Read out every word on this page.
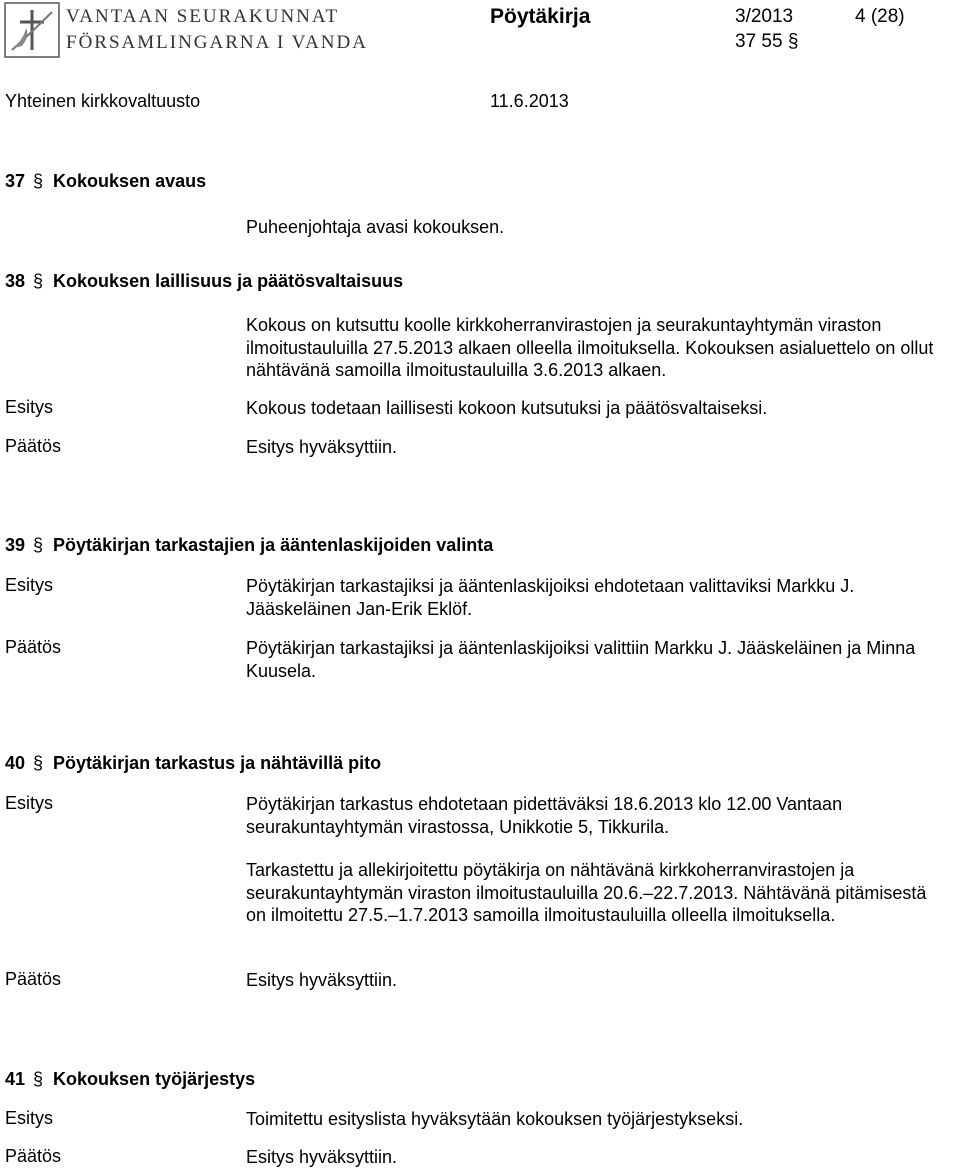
VANTAAN SEURAKUNNAT
FÖRSAMLINGARNA I VANDA
Pöytäkirja	3/2013	4 (28)
37 55 §
Yhteinen kirkkovaltuusto	11.6.2013
37 § Kokouksen avaus
Puheenjohtaja avasi kokouksen.
38 § Kokouksen laillisuus ja päätösvaltaisuus
Kokous on kutsuttu koolle kirkkoherranvirastojen ja seurakuntayhtymän viraston ilmoitustauluilla 27.5.2013 alkaen olleella ilmoituksella. Kokouksen asialuettelo on ollut nähtävänä samoilla ilmoitustauluilla 3.6.2013 alkaen.
Esitys	Kokous todetaan laillisesti kokoon kutsutuksi ja päätösvaltaiseksi.
Päätös	Esitys hyväksyttiin.
39 § Pöytäkirjan tarkastajien ja ääntenlaskijoiden valinta
Esitys	Pöytäkirjan tarkastajiksi ja ääntenlaskijoiksi ehdotetaan valittaviksi Markku J. Jääskeläinen Jan-Erik Eklöf.
Päätös	Pöytäkirjan tarkastajiksi ja ääntenlaskijoiksi valittiin Markku J. Jääskeläinen ja Minna Kuusela.
40 § Pöytäkirjan tarkastus ja nähtävillä pito
Esitys	Pöytäkirjan tarkastus ehdotetaan pidettäväksi 18.6.2013 klo 12.00 Vantaan seurakuntayhtymän virastossa, Unikkotie 5, Tikkurila.
Tarkastettu ja allekirjoitettu pöytäkirja on nähtävänä kirkkoherranvirastojen ja seurakuntayhtymän viraston ilmoitustauluilla 20.6.–22.7.2013. Nähtävänä pitämisestä on ilmoitettu 27.5.–1.7.2013 samoilla ilmoitustauluilla olleella ilmoituksella.
Päätös	Esitys hyväksyttiin.
41 § Kokouksen työjärjestys
Esitys	Toimitettu esityslista hyväksytään kokouksen työjärjestykseksi.
Päätös	Esitys hyväksyttiin.
